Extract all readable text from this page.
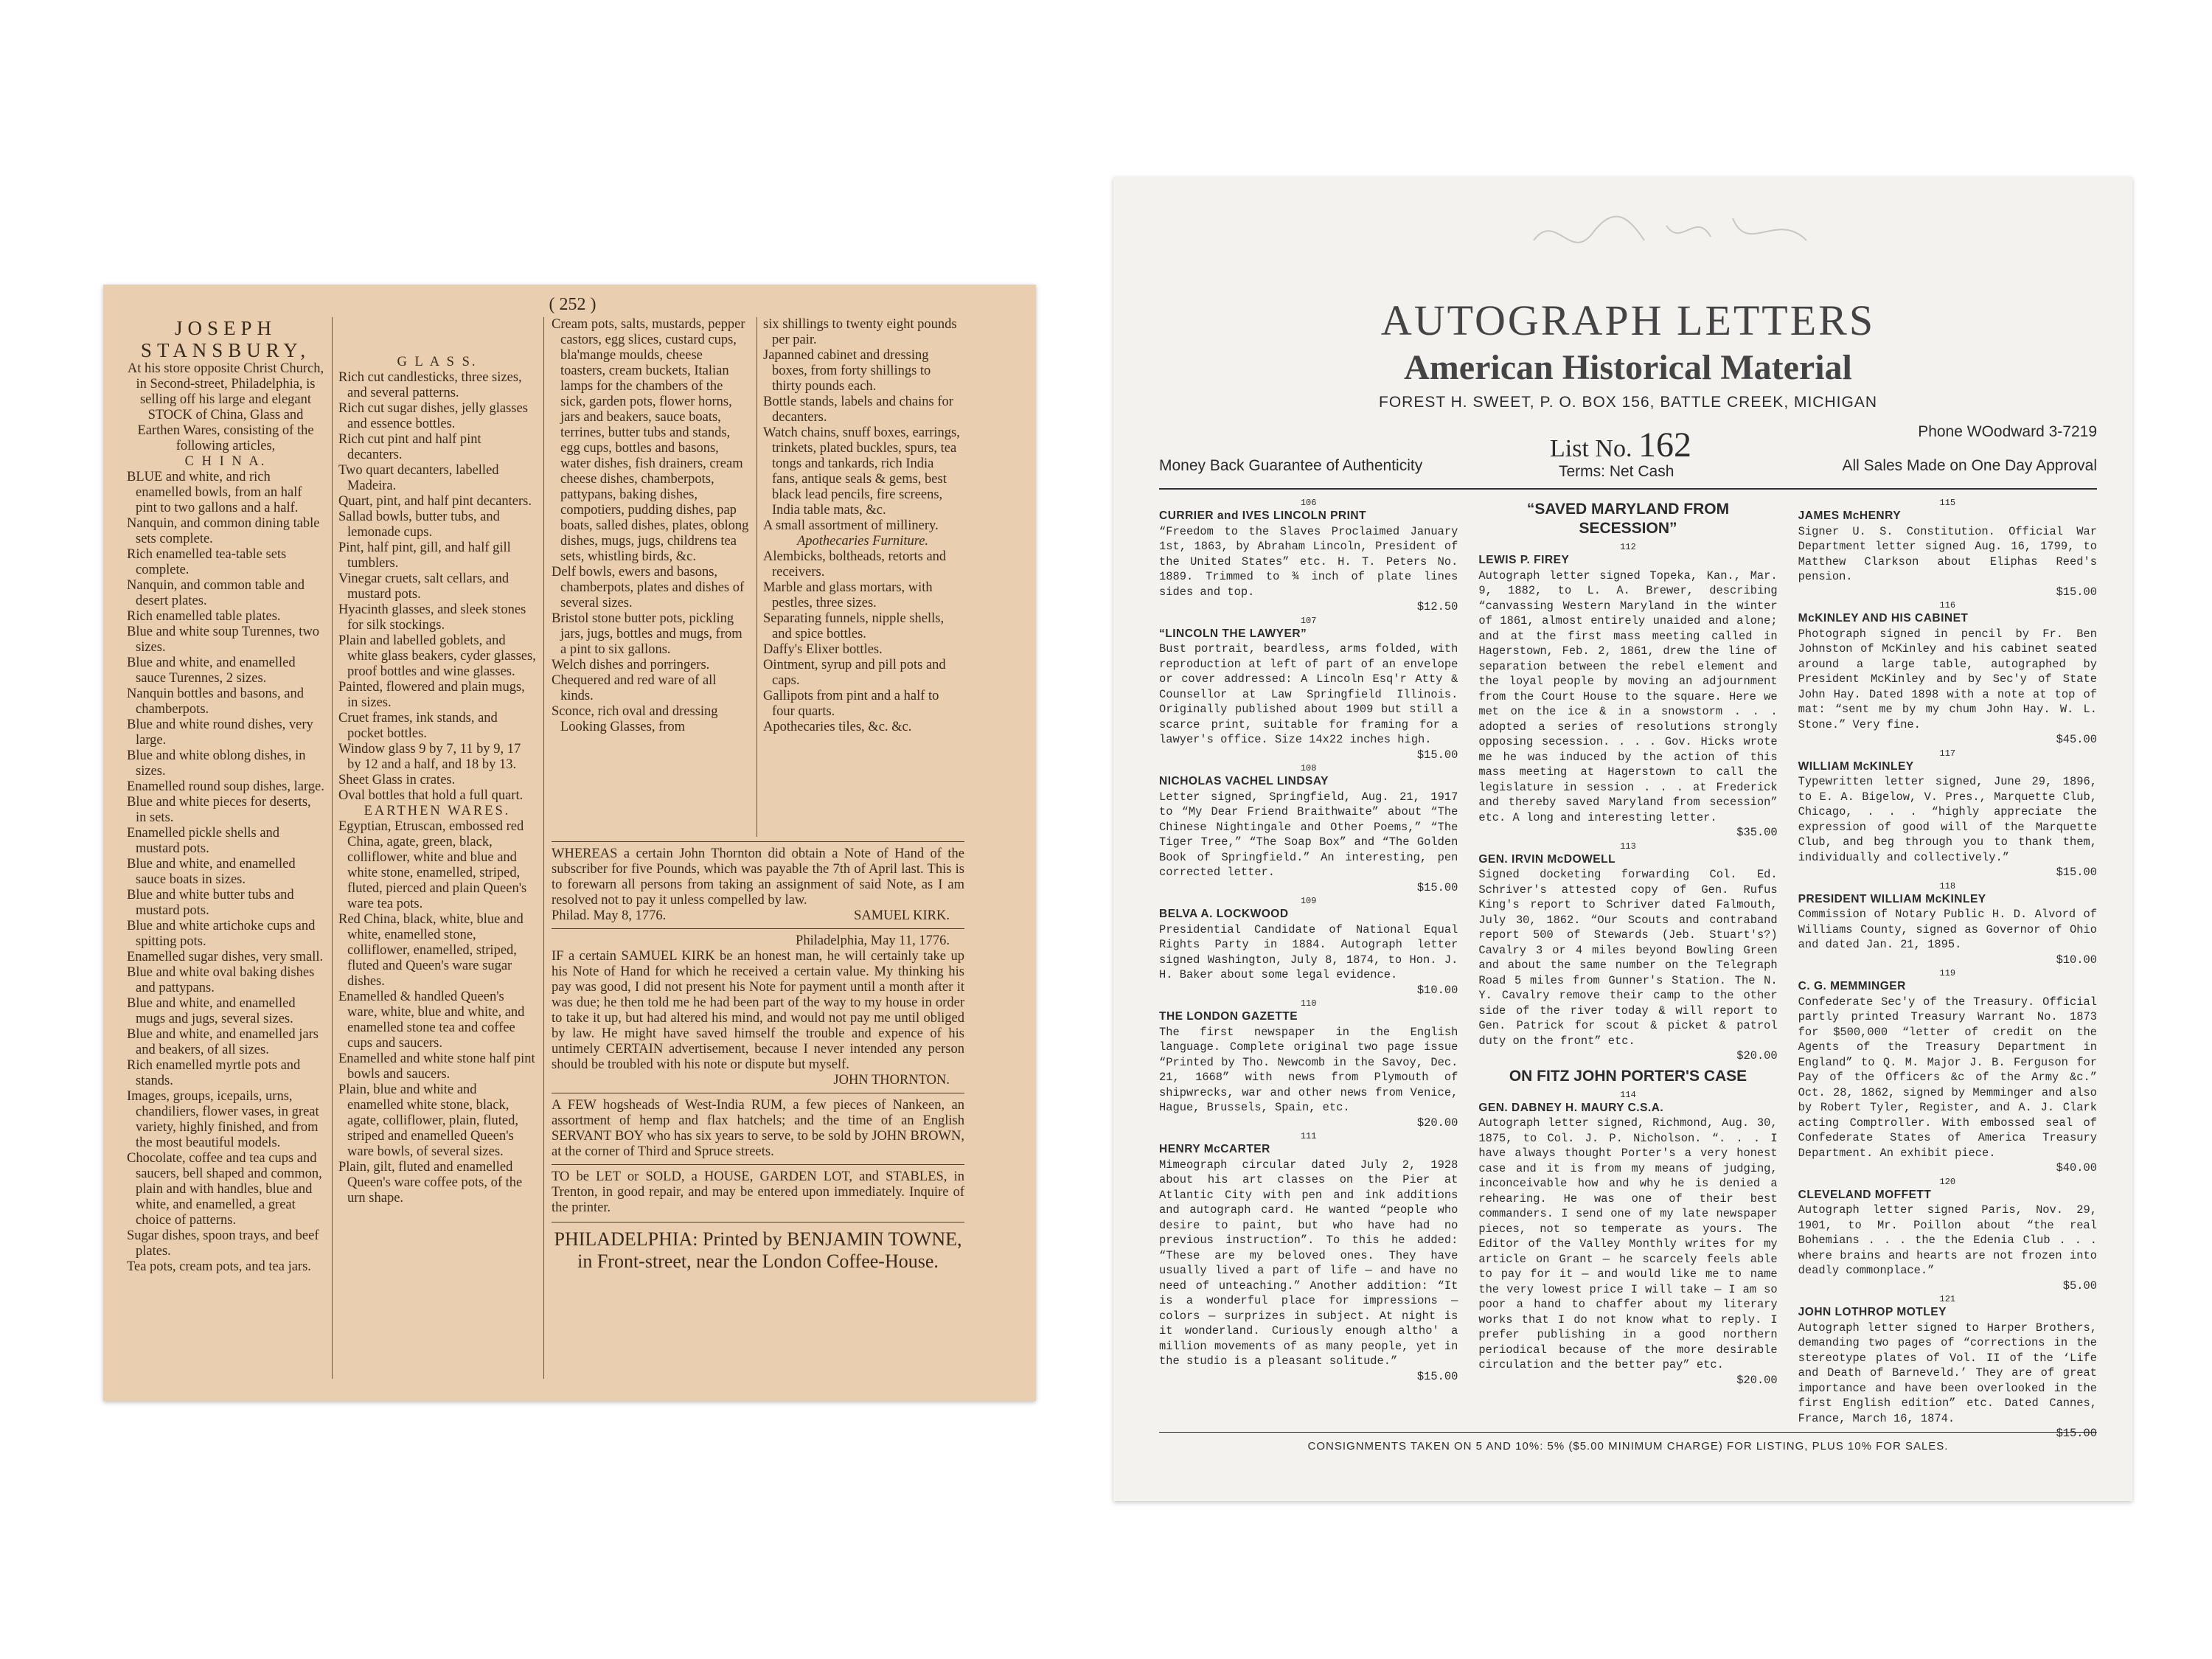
( 252 )
JOSEPH STANSBURY,
At his store opposite Christ Church, in Second-street, Philadelphia, is selling off his large and elegant STOCK of China, Glass and Earthen Wares, consisting of the following articles,
C H I N A.

BLUE and white, and rich enamelled bowls, from an half pint to two gallons and a half.

Nanquin, and common dining table sets complete.

Rich enamelled tea-table sets complete.

Nanquin, and common table and desert plates.

Rich enamelled table plates.

Blue and white soup Turennes, two sizes.

Blue and white, and enamelled sauce Turennes, 2 sizes.

Nanquin bottles and basons, and chamberpots.

Blue and white round dishes, very large.

Blue and white oblong dishes, in sizes.

Enamelled round soup dishes, large.

Blue and white pieces for deserts, in sets.

Enamelled pickle shells and mustard pots.

Blue and white, and enamelled sauce boats in sizes.

Blue and white butter tubs and mustard pots.

Blue and white artichoke cups and spitting pots.

Enamelled sugar dishes, very small.

Blue and white oval baking dishes and pattypans.

Blue and white, and enamelled mugs and jugs, several sizes.

Blue and white, and enamelled jars and beakers, of all sizes.

Rich enamelled myrtle pots and stands.

Images, groups, icepails, urns, chandiliers, flower vases, in great variety, highly finished, and from the most beautiful models.

Chocolate, coffee and tea cups and saucers, bell shaped and common, plain and with handles, blue and white, and enamelled, a great choice of patterns.

Sugar dishes, spoon trays, and beef plates.

Tea pots, cream pots, and tea jars.

G L A S S.

Rich cut candlesticks, three sizes, and several patterns.

Rich cut sugar dishes, jelly glasses and essence bottles.

Rich cut pint and half pint decanters.

Two quart decanters, labelled Madeira.

Quart, pint, and half pint decanters.

Sallad bowls, butter tubs, and lemonade cups.

Pint, half pint, gill, and half gill tumblers.

Vinegar cruets, salt cellars, and mustard pots.

Hyacinth glasses, and sleek stones for silk stockings.

Plain and labelled goblets, and white glass beakers, cyder glasses, proof bottles and wine glasses.

Painted, flowered and plain mugs, in sizes.

Cruet frames, ink stands, and pocket bottles.

Window glass 9 by 7, 11 by 9, 17 by 12 and a half, and 18 by 13.

Sheet Glass in crates.

Oval bottles that hold a full quart.

EARTHEN WARES.

Egyptian, Etruscan, embossed red China, agate, green, black, colliflower, white and blue and white stone, enamelled, striped, fluted, pierced and plain Queen's ware tea pots.

Red China, black, white, blue and white, enamelled stone, colliflower, enamelled, striped, fluted and Queen's ware sugar dishes.

Enamelled & handled Queen's ware, white, blue and white, and enamelled stone tea and coffee cups and saucers.

Enamelled and white stone half pint bowls and saucers.

Plain, blue and white and enamelled white stone, black, agate, colliflower, plain, fluted, striped and enamelled Queen's ware bowls, of several sizes.

Plain, gilt, fluted and enamelled Queen's ware coffee pots, of the urn shape.

Cream pots, salts, mustards, pepper castors, egg slices, custard cups, bla'mange moulds, cheese toasters, cream buckets, Italian lamps for the chambers of the sick, garden pots, flower horns, jars and beakers, sauce boats, terrines, butter tubs and stands, egg cups, bottles and basons, water dishes, fish drainers, cream cheese dishes, chamberpots, pattypans, baking dishes, compotiers, pudding dishes, pap boats, salled dishes, plates, oblong dishes, mugs, jugs, childrens tea sets, whistling birds, &c.

Delf bowls, ewers and basons, chamberpots, plates and dishes of several sizes.

Bristol stone butter pots, pickling jars, jugs, bottles and mugs, from a pint to six gallons.

Welch dishes and porringers.

Chequered and red ware of all kinds.

Sconce, rich oval and dressing Looking Glasses, from

six shillings to twenty eight pounds per pair.

Japanned cabinet and dressing boxes, from forty shillings to thirty pounds each.

Bottle stands, labels and chains for decanters.

Watch chains, snuff boxes, earrings, trinkets, plated buckles, spurs, tea tongs and tankards, rich India fans, antique seals & gems, best black lead pencils, fire screens, India table mats, &c.

A small assortment of millinery.

Apothecaries Furniture.

Alembicks, boltheads, retorts and receivers.

Marble and glass mortars, with pestles, three sizes.

Separating funnels, nipple shells, and spice bottles.

Daffy's Elixer bottles.

Ointment, syrup and pill pots and caps.

Gallipots from pint and a half to four quarts.

Apothecaries tiles, &c. &c.

WHEREAS a certain John Thornton did obtain a Note of Hand of the subscriber for five Pounds, which was payable the 7th of April last. This is to forewarn all persons from taking an assignment of said Note, as I am resolved not to pay it unless compelled by law.
Philad. May 8, 1776.	SAMUEL KIRK.
Philadelphia, May 11, 1776.
IF a certain SAMUEL KIRK be an honest man, he will certainly take up his Note of Hand for which he received a certain value. My thinking his pay was good, I did not present his Note for payment until a month after it was due; he then told me he had been part of the way to my house in order to take it up, but had altered his mind, and would not pay me until obliged by law. He might have saved himself the trouble and expence of his untimely CERTAIN advertisement, because I never intended any person should be troubled with his note or dispute but myself.
JOHN THORNTON.
A FEW hogsheads of West-India RUM, a few pieces of Nankeen, an assortment of hemp and flax hatchels; and the time of an English SERVANT BOY who has six years to serve, to be sold by JOHN BROWN, at the corner of Third and Spruce streets.
TO be LET or SOLD, a HOUSE, GARDEN LOT, and STABLES, in Trenton, in good repair, and may be entered upon immediately. Inquire of the printer.
PHILADELPHIA: Printed by BENJAMIN TOWNE, in Front-street, near the London Coffee-House.
AUTOGRAPH LETTERS
American Historical Material
FOREST H. SWEET, P. O. BOX 156, BATTLE CREEK, MICHIGAN
Phone WOodward 3-7219
Money Back Guarantee of Authenticity
List No. 162
Terms: Net Cash	All Sales Made on One Day Approval
106
CURRIER and IVES LINCOLN PRINT
“Freedom to the Slaves Proclaimed January 1st, 1863, by Abraham Lincoln, President of the United States” etc. H. T. Peters No. 1889. Trimmed to ¾ inch of plate lines sides and top.
$12.50
107
“LINCOLN THE LAWYER”
Bust portrait, beardless, arms folded, with reproduction at left of part of an envelope or cover addressed: A Lincoln Esq'r Atty & Counsellor at Law Springfield Illinois. Originally published about 1909 but still a scarce print, suitable for framing for a lawyer's office. Size 14x22 inches high.
$15.00
108
NICHOLAS VACHEL LINDSAY
Letter signed, Springfield, Aug. 21, 1917 to “My Dear Friend Braithwaite” about “The Chinese Nightingale and Other Poems,” “The Tiger Tree,” “The Soap Box” and “The Golden Book of Springfield.” An interesting, pen corrected letter.
$15.00
109
BELVA A. LOCKWOOD
Presidential Candidate of National Equal Rights Party in 1884. Autograph letter signed Washington, July 8, 1874, to Hon. J. H. Baker about some legal evidence.
$10.00
110
THE LONDON GAZETTE
The first newspaper in the English language. Complete original two page issue “Printed by Tho. Newcomb in the Savoy, Dec. 21, 1668” with news from Plymouth of shipwrecks, war and other news from Venice, Hague, Brussels, Spain, etc.
$20.00
111
HENRY McCARTER
Mimeograph circular dated July 2, 1928 about his art classes on the Pier at Atlantic City with pen and ink additions and autograph card. He wanted “people who desire to paint, but who have had no previous instruction”. To this he added: “These are my beloved ones. They have usually lived a part of life — and have no need of unteaching.” Another addition: “It is a wonderful place for impressions — colors — surprizes in subject. At night is it wonderland. Curiously enough altho' a million movements of as many people, yet in the studio is a pleasant solitude.”
$15.00
“SAVED MARYLAND FROM SECESSION”
112
LEWIS P. FIREY
Autograph letter signed Topeka, Kan., Mar. 9, 1882, to L. A. Brewer, describing “canvassing Western Maryland in the winter of 1861, almost entirely unaided and alone; and at the first mass meeting called in Hagerstown, Feb. 2, 1861, drew the line of separation between the rebel element and the loyal people by moving an adjournment from the Court House to the square. Here we met on the ice & in a snowstorm . . . adopted a series of resolutions strongly opposing secession. . . . Gov. Hicks wrote me he was induced by the action of this mass meeting at Hagerstown to call the legislature in session . . . at Frederick and thereby saved Maryland from secession” etc. A long and interesting letter.
$35.00
113
GEN. IRVIN McDOWELL
Signed docketing forwarding Col. Ed. Schriver's attested copy of Gen. Rufus King's report to Schriver dated Falmouth, July 30, 1862. “Our Scouts and contraband report 500 of Stewards (Jeb. Stuart's?) Cavalry 3 or 4 miles beyond Bowling Green and about the same number on the Telegraph Road 5 miles from Gunner's Station. The N. Y. Cavalry remove their camp to the other side of the river today & will report to Gen. Patrick for scout & picket & patrol duty on the front” etc.
$20.00
ON FITZ JOHN PORTER'S CASE
114
GEN. DABNEY H. MAURY C.S.A.
Autograph letter signed, Richmond, Aug. 30, 1875, to Col. J. P. Nicholson. “. . . I have always thought Porter's a very honest case and it is from my means of judging, inconceivable how and why he is denied a rehearing. He was one of their best commanders. I send one of my late newspaper pieces, not so temperate as yours. The Editor of the Valley Monthly writes for my article on Grant — he scarcely feels able to pay for it — and would like me to name the very lowest price I will take — I am so poor a hand to chaffer about my literary works that I do not know what to reply. I prefer publishing in a good northern periodical because of the more desirable circulation and the better pay” etc.
$20.00
115
JAMES McHENRY
Signer U. S. Constitution. Official War Department letter signed Aug. 16, 1799, to Matthew Clarkson about Eliphas Reed's pension.
$15.00
116
McKINLEY AND HIS CABINET
Photograph signed in pencil by Fr. Ben Johnston of McKinley and his cabinet seated around a large table, autographed by President McKinley and by Sec'y of State John Hay. Dated 1898 with a note at top of mat: “sent me by my chum John Hay. W. L. Stone.” Very fine.
$45.00
117
WILLIAM McKINLEY
Typewritten letter signed, June 29, 1896, to E. A. Bigelow, V. Pres., Marquette Club, Chicago, . . . “highly appreciate the expression of good will of the Marquette Club, and beg through you to thank them, individually and collectively.”
$15.00
118
PRESIDENT WILLIAM McKINLEY
Commission of Notary Public H. D. Alvord of Williams County, signed as Governor of Ohio and dated Jan. 21, 1895.
$10.00
119
C. G. MEMMINGER
Confederate Sec'y of the Treasury. Official partly printed Treasury Warrant No. 1873 for $500,000 “letter of credit on the Agents of the Treasury Department in England” to Q. M. Major J. B. Ferguson for Pay of the Officers &c of the Army &c.” Oct. 28, 1862, signed by Memminger and also by Robert Tyler, Register, and A. J. Clark acting Comptroller. With embossed seal of Confederate States of America Treasury Department. An exhibit piece.
$40.00
120
CLEVELAND MOFFETT
Autograph letter signed Paris, Nov. 29, 1901, to Mr. Poillon about “the real Bohemians . . . the the Edenia Club . . . where brains and hearts are not frozen into deadly commonplace.”
$5.00
121
JOHN LOTHROP MOTLEY
Autograph letter signed to Harper Brothers, demanding two pages of “corrections in the stereotype plates of Vol. II of the ‘Life and Death of Barneveld.’ They are of great importance and have been overlooked in the first English edition” etc. Dated Cannes, France, March 16, 1874.
$15.00
CONSIGNMENTS TAKEN ON 5 AND 10%: 5% ($5.00 MINIMUM CHARGE) FOR LISTING, PLUS 10% FOR SALES.
